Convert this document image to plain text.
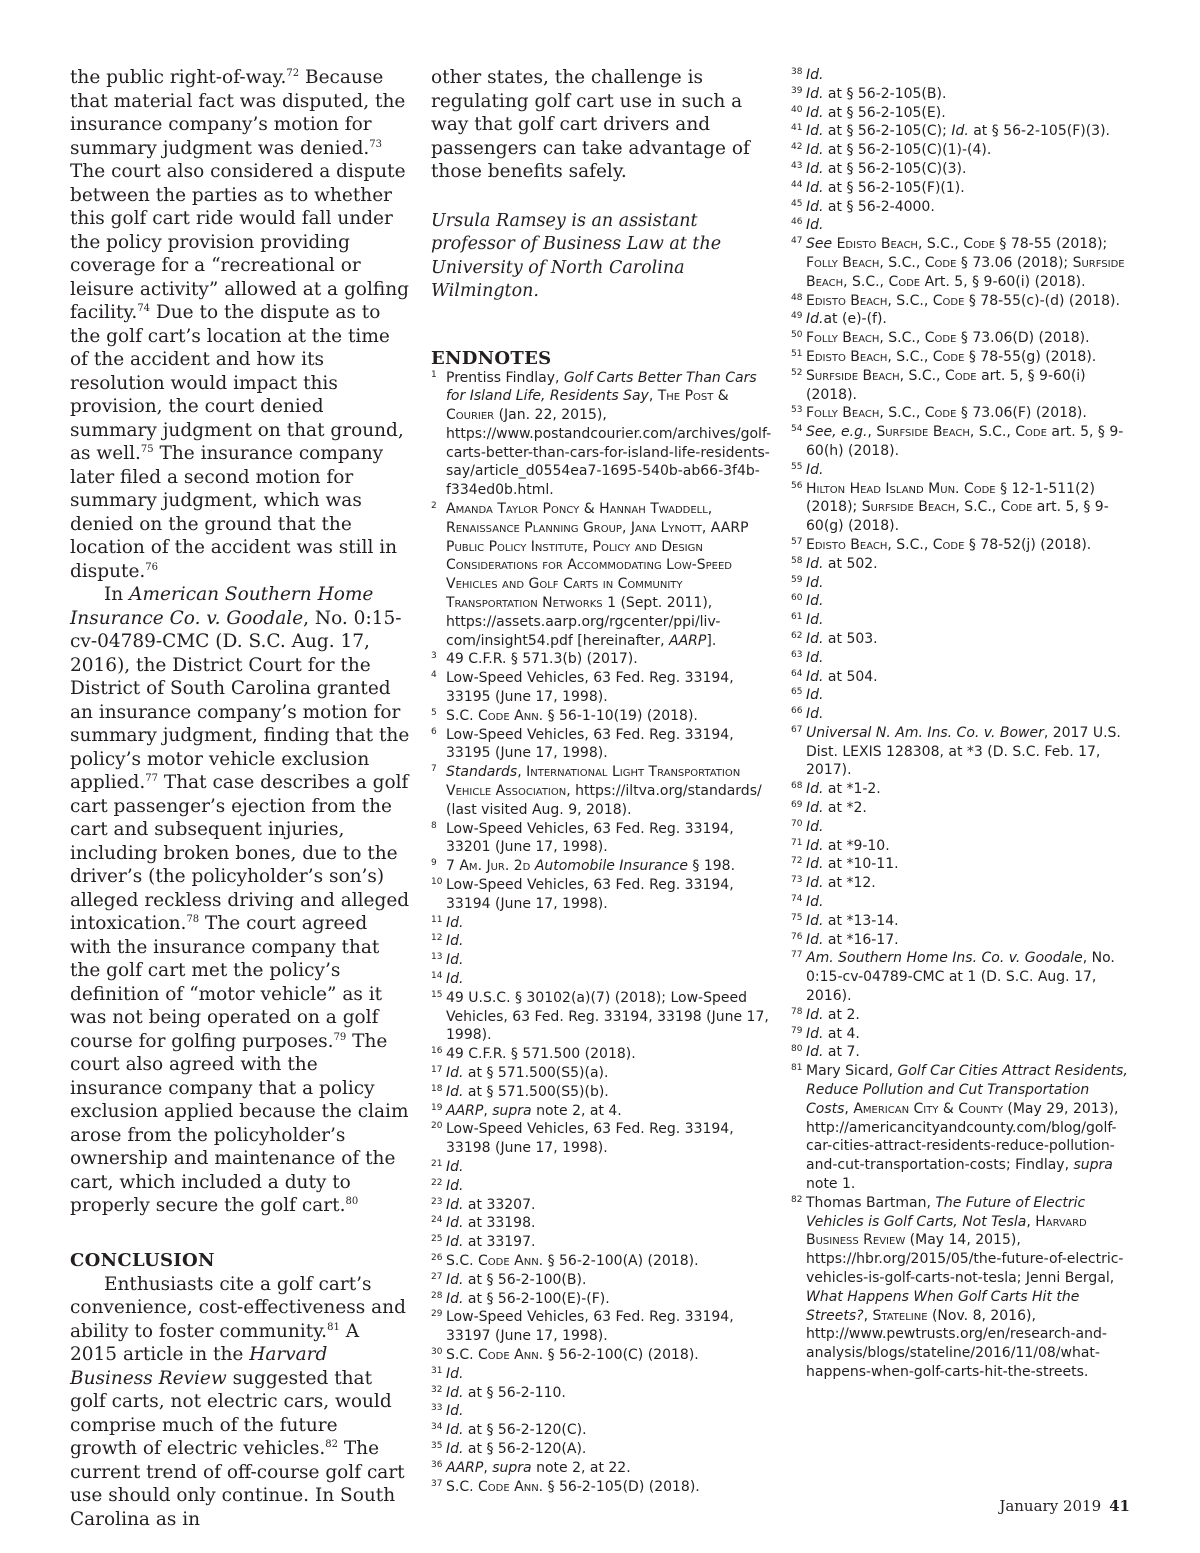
the public right-of-way.$^{72}$ Because that material fact was disputed, the insurance company’s motion for summary judgment was denied.$^{73}$ The court also considered a dispute between the parties as to whether this golf cart ride would fall under the policy provision providing coverage for a “recreational or leisure activity” allowed at a golfing facility.$^{74}$ Due to the dispute as to the golf cart’s location at the time of the accident and how its resolution would impact this provision, the court denied summary judgment on that ground, as well.$^{75}$ The insurance company later filed a second motion for summary judgment, which was denied on the ground that the location of the accident was still in dispute.$^{76}$

In American Southern Home Insurance Co. v. Goodale, No. 0:15-cv-04789-CMC (D. S.C. Aug. 17, 2016), the District Court for the District of South Carolina granted an insurance company’s motion for summary judgment, finding that the policy’s motor vehicle exclusion applied.$^{77}$ That case describes a golf cart passenger’s ejection from the cart and subsequent injuries, including broken bones, due to the driver’s (the policyholder’s son’s) alleged reckless driving and alleged intoxication.$^{78}$ The court agreed with the insurance company that the golf cart met the policy’s definition of “motor vehicle” as it was not being operated on a golf course for golfing purposes.$^{79}$ The court also agreed with the insurance company that a policy exclusion applied because the claim arose from the policyholder’s ownership and maintenance of the cart, which included a duty to properly secure the golf cart.$^{80}$

CONCLUSION

Enthusiasts cite a golf cart’s convenience, cost-effectiveness and ability to foster community.$^{81}$ A 2015 article in the Harvard Business Review suggested that golf carts, not electric cars, would comprise much of the future growth of electric vehicles.$^{82}$ The current trend of off-course golf cart use should only continue. In South Carolina as in

other states, the challenge is regulating golf cart use in such a way that golf cart drivers and passengers can take advantage of those benefits safely.

Ursula Ramsey is an assistant professor of Business Law at the University of North Carolina Wilmington.

ENDNOTES
1 Prentiss Findlay, Golf Carts Better Than Cars for Island Life, Residents Say, The Post & Courier (Jan. 22, 2015), https://www.postandcourier.com/archives/golf-carts-better-than-cars-for-island-life-residents-say/article_d0554ea7-1695-540b-ab66-3f4b-f334ed0b.html.
2 Amanda Taylor Poncy & Hannah Twaddell, Renaissance Planning Group, Jana Lynott, AARP Public Policy Institute, Policy and Design Considerations for Accommodating Low-Speed Vehicles and Golf Carts in Community Transportation Networks 1 (Sept. 2011), https://assets.aarp.org/rgcenter/ppi/liv-com/insight54.pdf [hereinafter, AARP].
3 49 C.F.R. § 571.3(b) (2017).
4 Low-Speed Vehicles, 63 Fed. Reg. 33194, 33195 (June 17, 1998).
5 S.C. Code Ann. § 56-1-10(19) (2018).
6 Low-Speed Vehicles, 63 Fed. Reg. 33194, 33195 (June 17, 1998).
7 Standards, International Light Transportation Vehicle Association, https://iltva.org/standards/ (last visited Aug. 9, 2018).
8 Low-Speed Vehicles, 63 Fed. Reg. 33194, 33201 (June 17, 1998).
9 7 Am. Jur. 2d Automobile Insurance § 198.
10 Low-Speed Vehicles, 63 Fed. Reg. 33194, 33194 (June 17, 1998).
11 Id.
12 Id.
13 Id.
14 Id.
15 49 U.S.C. § 30102(a)(7) (2018); Low-Speed Vehicles, 63 Fed. Reg. 33194, 33198 (June 17, 1998).
16 49 C.F.R. § 571.500 (2018).
17 Id. at § 571.500(S5)(a).
18 Id. at § 571.500(S5)(b).
19 AARP, supra note 2, at 4.
20 Low-Speed Vehicles, 63 Fed. Reg. 33194, 33198 (June 17, 1998).
21 Id.
22 Id.
23 Id. at 33207.
24 Id. at 33198.
25 Id. at 33197.
26 S.C. Code Ann. § 56-2-100(A) (2018).
27 Id. at § 56-2-100(B).
28 Id. at § 56-2-100(E)-(F).
29 Low-Speed Vehicles, 63 Fed. Reg. 33194, 33197 (June 17, 1998).
30 S.C. Code Ann. § 56-2-100(C) (2018).
31 Id.
32 Id. at § 56-2-110.
33 Id.
34 Id. at § 56-2-120(C).
35 Id. at § 56-2-120(A).
36 AARP, supra note 2, at 22.
37 S.C. Code Ann. § 56-2-105(D) (2018).
38 Id.
39 Id. at § 56-2-105(B).
40 Id. at § 56-2-105(E).
41 Id. at § 56-2-105(C); Id. at § 56-2-105(F)(3).
42 Id. at § 56-2-105(C)(1)-(4).
43 Id. at § 56-2-105(C)(3).
44 Id. at § 56-2-105(F)(1).
45 Id. at § 56-2-4000.
46 Id.
47 See Edisto Beach, S.C., Code § 78-55 (2018); Folly Beach, S.C., Code § 73.06 (2018); Surfside Beach, S.C., Code Art. 5, § 9-60(i) (2018).
48 Edisto Beach, S.C., Code § 78-55(c)-(d) (2018).
49 Id.at (e)-(f).
50 Folly Beach, S.C., Code § 73.06(D) (2018).
51 Edisto Beach, S.C., Code § 78-55(g) (2018).
52 Surfside Beach, S.C., Code art. 5, § 9-60(i) (2018).
53 Folly Beach, S.C., Code § 73.06(F) (2018).
54 See, e.g., Surfside Beach, S.C., Code art. 5, § 9-60(h) (2018).
55 Id.
56 Hilton Head Island Mun. Code § 12-1-511(2) (2018); Surfside Beach, S.C., Code art. 5, § 9-60(g) (2018).
57 Edisto Beach, S.C., Code § 78-52(j) (2018).
58 Id. at 502.
59 Id.
60 Id.
61 Id.
62 Id. at 503.
63 Id.
64 Id. at 504.
65 Id.
66 Id.
67 Universal N. Am. Ins. Co. v. Bower, 2017 U.S. Dist. LEXIS 128308, at *3 (D. S.C. Feb. 17, 2017).
68 Id. at *1-2.
69 Id. at *2.
70 Id.
71 Id. at *9-10.
72 Id. at *10-11.
73 Id. at *12.
74 Id.
75 Id. at *13-14.
76 Id. at *16-17.
77 Am. Southern Home Ins. Co. v. Goodale, No. 0:15-cv-04789-CMC at 1 (D. S.C. Aug. 17, 2016).
78 Id. at 2.
79 Id. at 4.
80 Id. at 7.
81 Mary Sicard, Golf Car Cities Attract Residents, Reduce Pollution and Cut Transportation Costs, American City & County (May 29, 2013), http://americancityandcounty.com/blog/golf-car-cities-attract-residents-reduce-pollution-and-cut-transportation-costs; Findlay, supra note 1.
82 Thomas Bartman, The Future of Electric Vehicles is Golf Carts, Not Tesla, Harvard Business Review (May 14, 2015), https://hbr.org/2015/05/the-future-of-electric-vehicles-is-golf-carts-not-tesla; Jenni Bergal, What Happens When Golf Carts Hit the Streets?, Stateline (Nov. 8, 2016), http://www.pewtrusts.org/en/research-and-analysis/blogs/stateline/2016/11/08/what-happens-when-golf-carts-hit-the-streets.
January 2019 41
